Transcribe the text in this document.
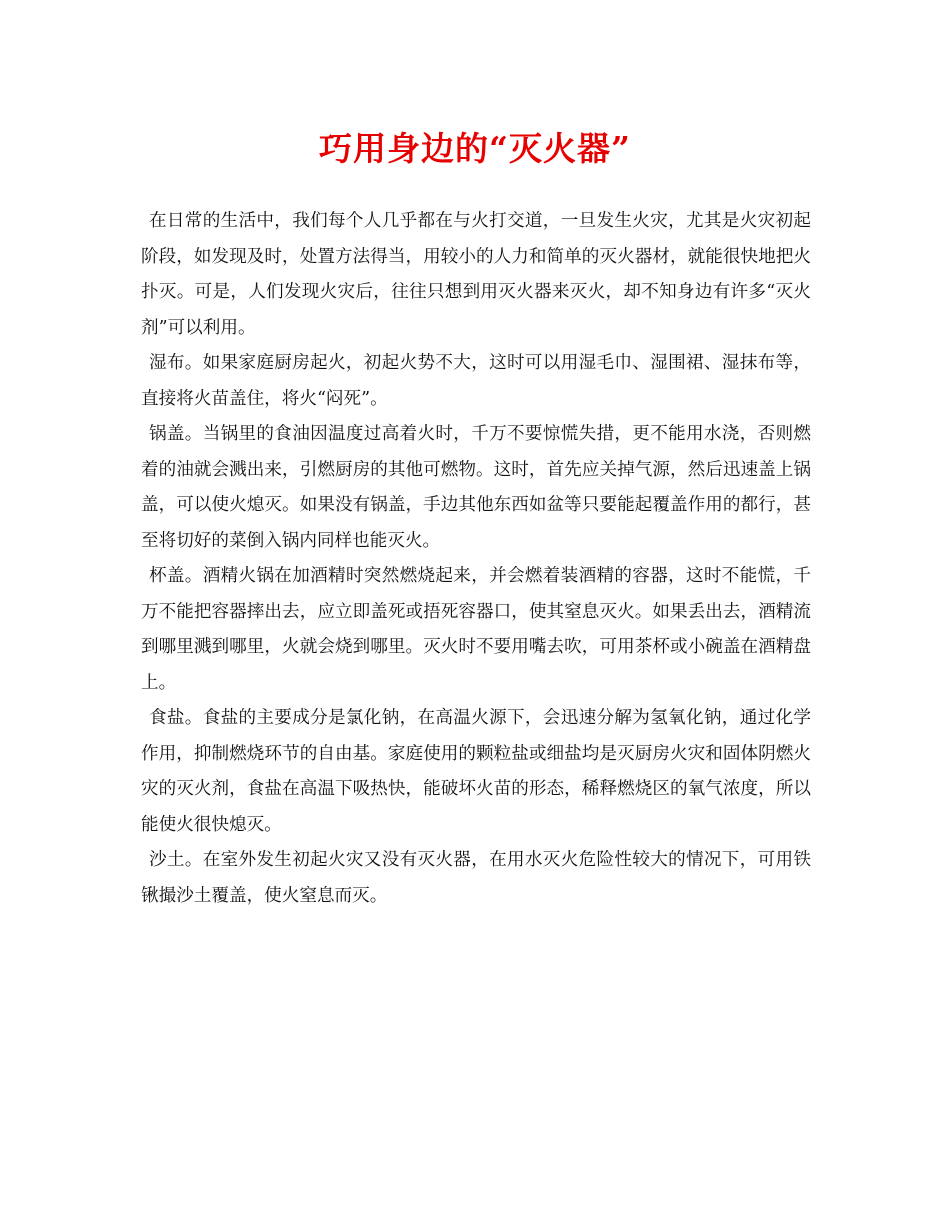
巧用身边的“灭火器”

在日常的生活中，我们每个人几乎都在与火打交道，一旦发生火灾，尤其是火灾初起阶段，如发现及时，处置方法得当，用较小的人力和简单的灭火器材，就能很快地把火扑灭。可是，人们发现火灾后，往往只想到用灭火器来灭火，却不知身边有许多“灭火剂”可以利用。

湿布。如果家庭厨房起火，初起火势不大，这时可以用湿毛巾、湿围裙、湿抹布等，直接将火苗盖住，将火“闷死”。

锅盖。当锅里的食油因温度过高着火时，千万不要惊慌失措，更不能用水浇，否则燃着的油就会溅出来，引燃厨房的其他可燃物。这时，首先应关掉气源，然后迅速盖上锅盖，可以使火熄灭。如果没有锅盖，手边其他东西如盆等只要能起覆盖作用的都行，甚至将切好的菜倒入锅内同样也能灭火。

杯盖。酒精火锅在加酒精时突然燃烧起来，并会燃着装酒精的容器，这时不能慌，千万不能把容器摔出去，应立即盖死或捂死容器口，使其窒息灭火。如果丢出去，酒精流到哪里溅到哪里，火就会烧到哪里。灭火时不要用嘴去吹，可用茶杯或小碗盖在酒精盘上。

食盐。食盐的主要成分是氯化钠，在高温火源下，会迅速分解为氢氧化钠，通过化学作用，抑制燃烧环节的自由基。家庭使用的颗粒盐或细盐均是灭厨房火灾和固体阴燃火灾的灭火剂，食盐在高温下吸热快，能破坏火苗的形态，稀释燃烧区的氧气浓度，所以能使火很快熄灭。

沙土。在室外发生初起火灾又没有灭火器，在用水灭火危险性较大的情况下，可用铁锹撮沙土覆盖，使火窒息而灭。
